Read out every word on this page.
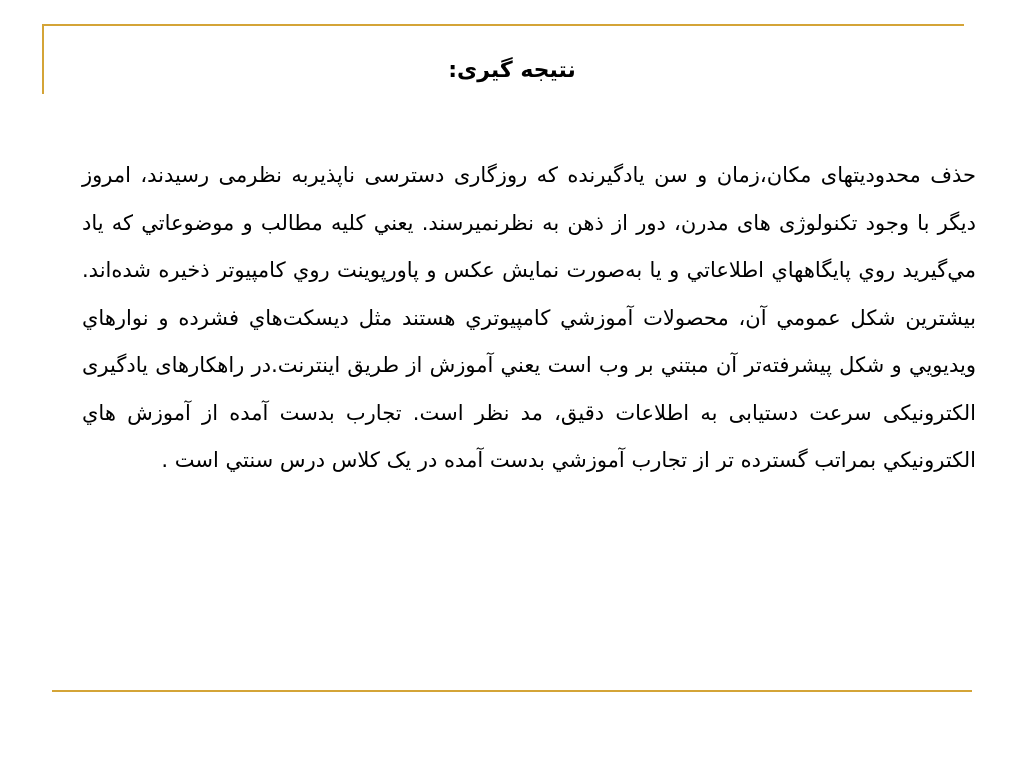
نتيجه گيری:
حذف محدوديتهای مکان،زمان و سن يادگيرنده که روزگاری دسترسی ناپذيربه نظرمی رسيدند، امروز ديگر با وجود تکنولوژی های مدرن، دور از ذهن به نظرنميرسند. يعني کليه مطالب و موضوعاتي که ياد مي‌گيريد روي پايگاههاي اطلاعاتي و يا به‌صورت نمايش عکس و پاورپوينت روي کامپيوتر ذخيره شده‌اند. بيشترين شکل عمومي آن، محصولات آموزشي کامپيوتري هستند مثل ديسکت‌هاي فشرده و نوارهاي ويديويي و شکل پيشرفته‌تر آن مبتني بر وب است يعني آموزش از طريق اينترنت.در راهکارهای يادگيری الکترونيکی سرعت دستيابی به اطلاعات دقيق، مد نظر است. تجارب بدست آمده از آموزش هاي الکترونيکي بمراتب گسترده تر از تجارب آموزشي بدست آمده در يک کلاس درس سنتي است .
